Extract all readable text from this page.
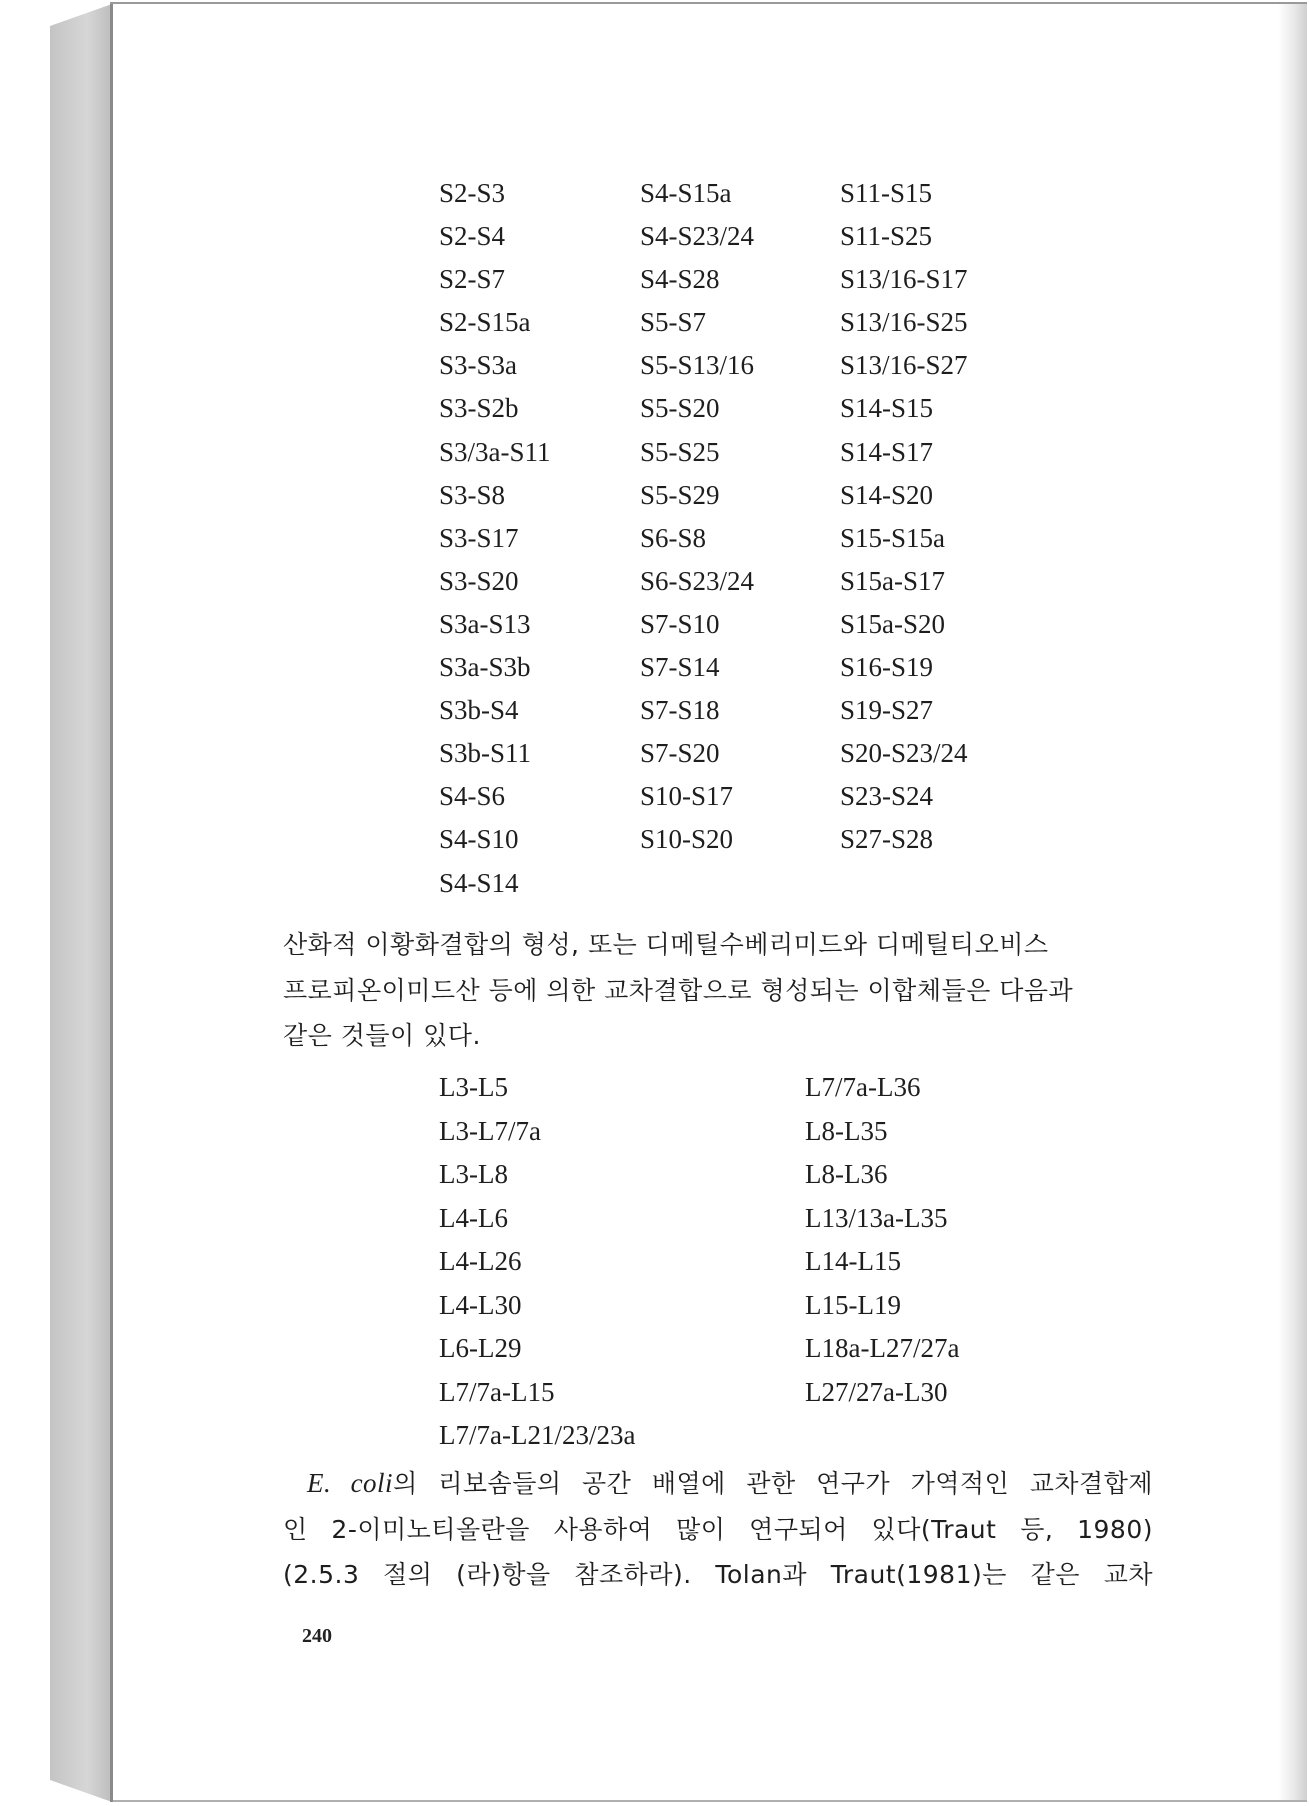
S2-S3
S2-S4
S2-S7
S2-S15a
S3-S3a
S3-S2b
S3/3a-S11
S3-S8
S3-S17
S3-S20
S3a-S13
S3a-S3b
S3b-S4
S3b-S11
S4-S6
S4-S10
S4-S14
S4-S15a
S4-S23/24
S4-S28
S5-S7
S5-S13/16
S5-S20
S5-S25
S5-S29
S6-S8
S6-S23/24
S7-S10
S7-S14
S7-S18
S7-S20
S10-S17
S10-S20
S11-S15
S11-S25
S13/16-S17
S13/16-S25
S13/16-S27
S14-S15
S14-S17
S14-S20
S15-S15a
S15a-S17
S15a-S20
S16-S19
S19-S27
S20-S23/24
S23-S24
S27-S28
산화적 이황화결합의 형성, 또는 디메틸수베리미드와 디메틸티오비스
프로피온이미드산 등에 의한 교차결합으로 형성되는 이합체들은 다음과
같은 것들이 있다.
L3-L5
L3-L7/7a
L3-L8
L4-L6
L4-L26
L4-L30
L6-L29
L7/7a-L15
L7/7a-L21/23/23a
L7/7a-L36
L8-L35
L8-L36
L13/13a-L35
L14-L15
L15-L19
L18a-L27/27a
L27/27a-L30
E. coli의 리보솜들의 공간 배열에 관한 연구가 가역적인 교차결합제
인 2-이미노티올란을 사용하여 많이 연구되어 있다(Traut 등, 1980)
(2.5.3 절의 (라)항을 참조하라). Tolan과 Traut(1981)는 같은 교차
240
